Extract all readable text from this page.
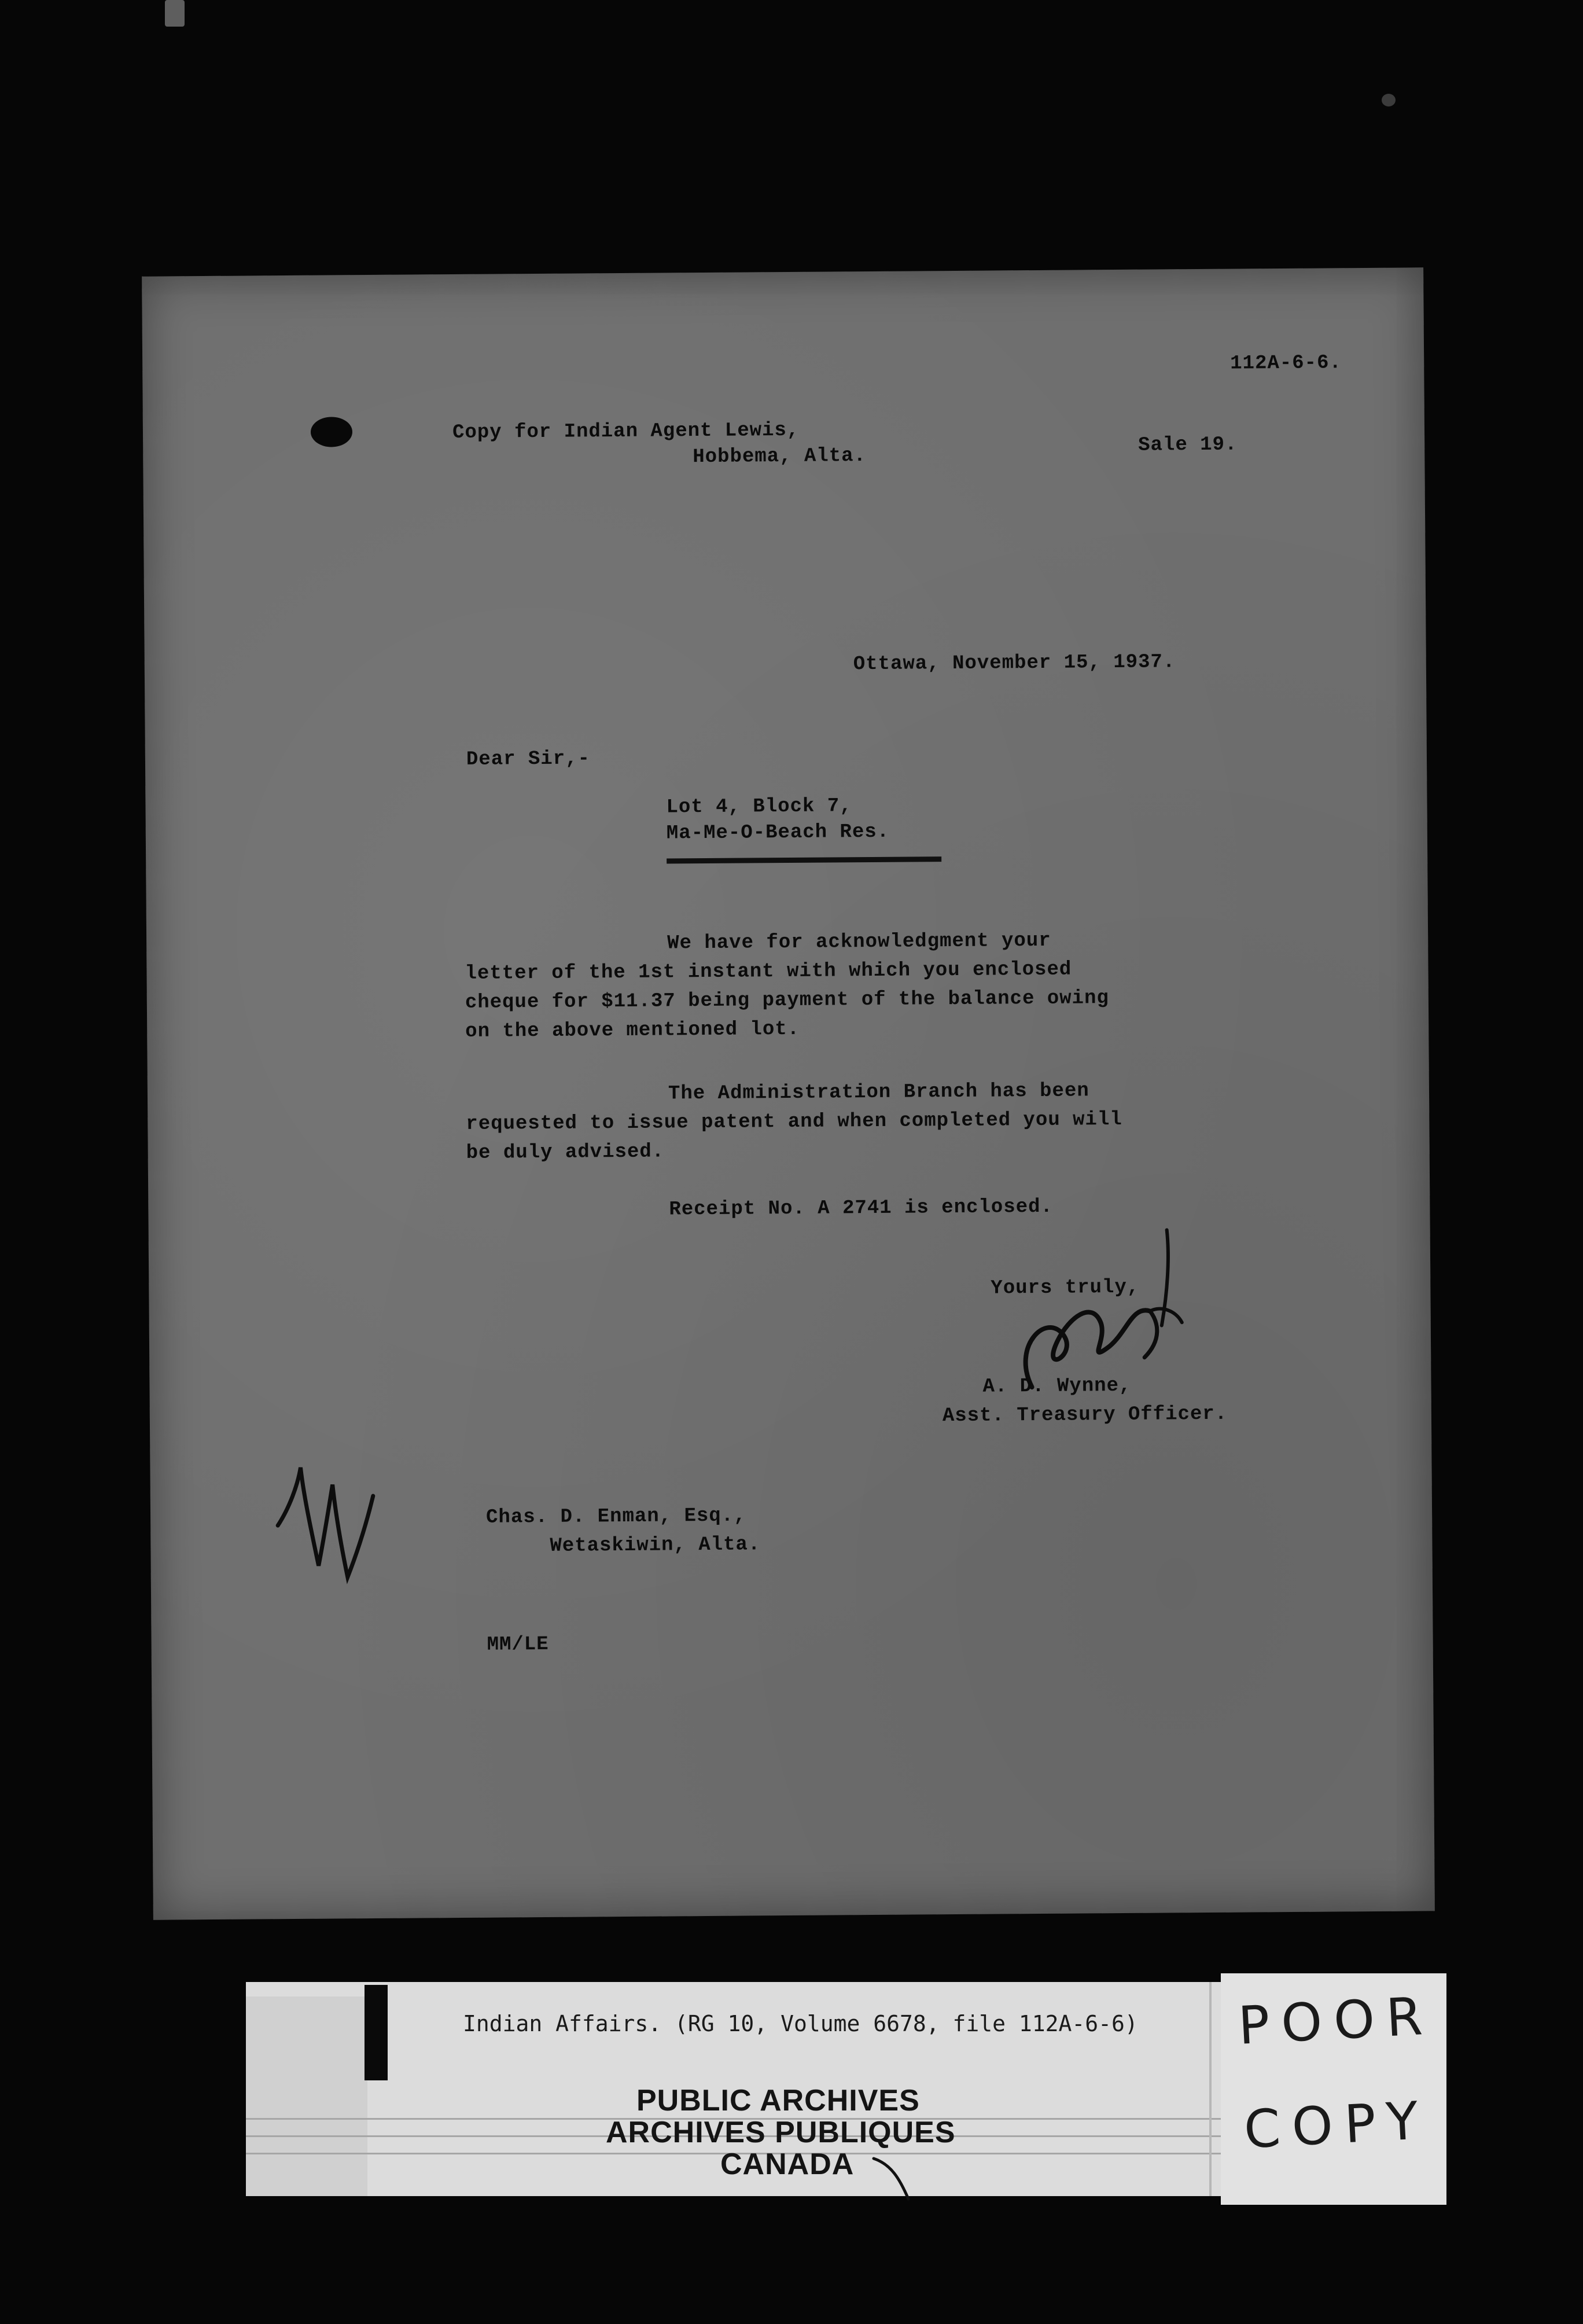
112A-6-6.
Copy for Indian Agent Lewis,
Hobbema, Alta.	Sale 19.
Ottawa, November 15, 1937.
Dear Sir,-
Lot 4, Block 7,
Ma-Me-O-Beach Res.
We have for acknowledgment your
letter of the 1st instant with which you enclosed
cheque for $11.37 being payment of the balance owing
on the above mentioned lot.
The Administration Branch has been
requested to issue patent and when completed you will
be duly advised.
Receipt No. A 2741 is enclosed.
Yours truly,
A. D. Wynne,
Asst. Treasury Officer.
Chas. D. Enman, Esq.,
Wetaskiwin, Alta.
MM/LE
Indian Affairs. (RG 10, Volume 6678, file 112A-6-6)
PUBLIC ARCHIVES
ARCHIVES PUBLIQUES
CANADA
POOR
COPY
